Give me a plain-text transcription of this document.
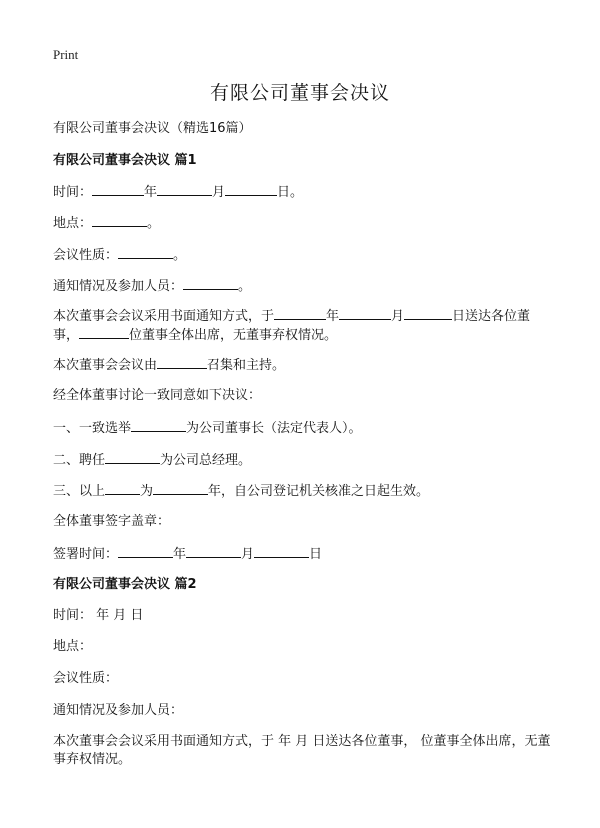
Print
有限公司董事会决议
有限公司董事会决议（精选16篇）
有限公司董事会决议 篇1
时间：	年	月	日。
地点：	。
会议性质：	。
通知情况及参加人员：	。
本次董事会会议采用书面通知方式，于	年	月	日送达各位董事，	位董事全体出席，无董事弃权情况。
本次董事会会议由	召集和主持。
经全体董事讨论一致同意如下决议：
一、一致选举	为公司董事长（法定代表人）。
二、聘任	为公司总经理。
三、以上	为	年，自公司登记机关核准之日起生效。
全体董事签字盖章：
签署时间：	年	月	日
有限公司董事会决议 篇2
时间： 年 月 日
地点：
会议性质：
通知情况及参加人员：
本次董事会会议采用书面通知方式，于 年 月 日送达各位董事， 位董事全体出席，无董事弃权情况。
